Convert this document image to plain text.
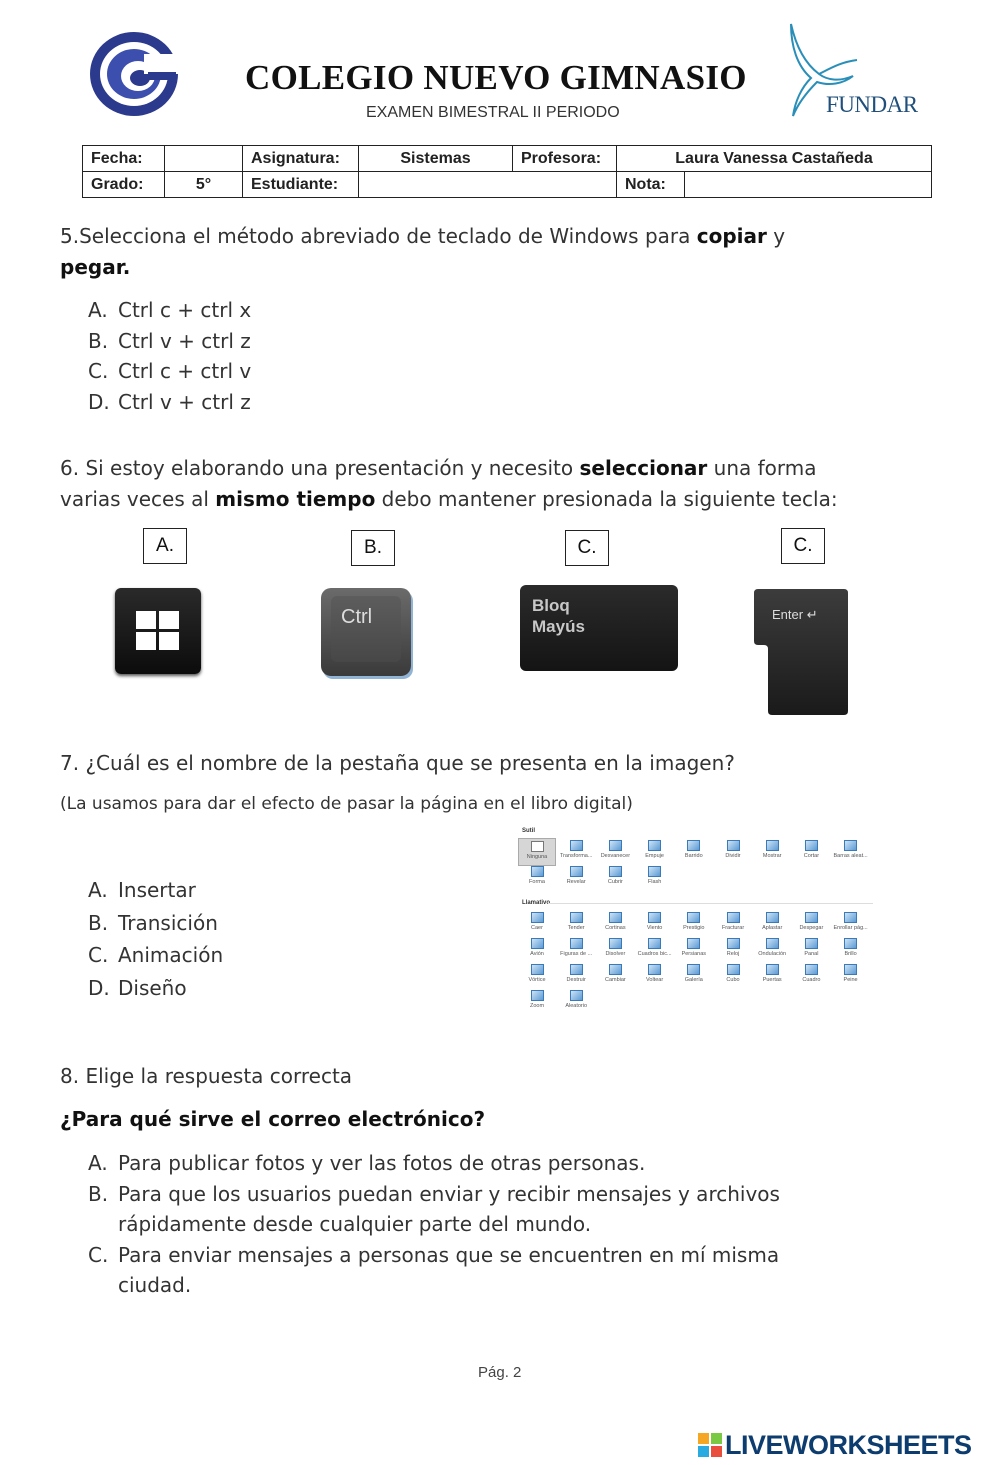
COLEGIO NUEVO GIMNASIO
EXAMEN BIMESTRAL II PERIODO	FUNDAR
Fecha:		Asignatura:	Sistemas	Profesora:	Laura Vanessa Castañeda	
Grado:	5°	Estudiante:			Nota:	
5.Selecciona el método abreviado de teclado de Windows para copiar y
pegar.
A. Ctrl c + ctrl x
B. Ctrl v + ctrl z
C. Ctrl c + ctrl v
D. Ctrl v + ctrl z
6. Si estoy elaborando una presentación y necesito seleccionar una forma
varias veces al mismo tiempo debo mantener presionada la siguiente tecla:
A.	B.	C.	C.
Ctrl
Bloq
Mayús
Enter ↵
7. ¿Cuál es el nombre de la pestaña que se presenta en la imagen?
(La usamos para dar el efecto de pasar la página en el libro digital)
A. Insertar
B. Transición
C. Animación
D. Diseño
Sutil
Llamativo
Ninguna	Transforma...	Desvanecer	Empuje	Barrido	Dividir	Mostrar	Cortar	Barras aleat...
Forma	Revelar	Cubrir	Flash
Caer	Tender	Cortinas	Viento	Prestigio	Fracturar	Aplastar	Despegar	Enrollar pág...
Avión	Figuras de ...	Disolver	Cuadros bic...	Persianas	Reloj	Ondulación	Panal	Brillo
Vórtice	Destruir	Cambiar	Voltear	Galería	Cubo	Puertas	Cuadro	Peine
Zoom	Aleatorio
8. Elige la respuesta correcta
¿Para qué sirve el correo electrónico?
A. Para publicar fotos y ver las fotos de otras personas.
B. Para que los usuarios puedan enviar y recibir mensajes y archivos
rápidamente desde cualquier parte del mundo.
C. Para enviar mensajes a personas que se encuentren en mí misma
ciudad.
Pág. 2
LIVEWORKSHEETS
